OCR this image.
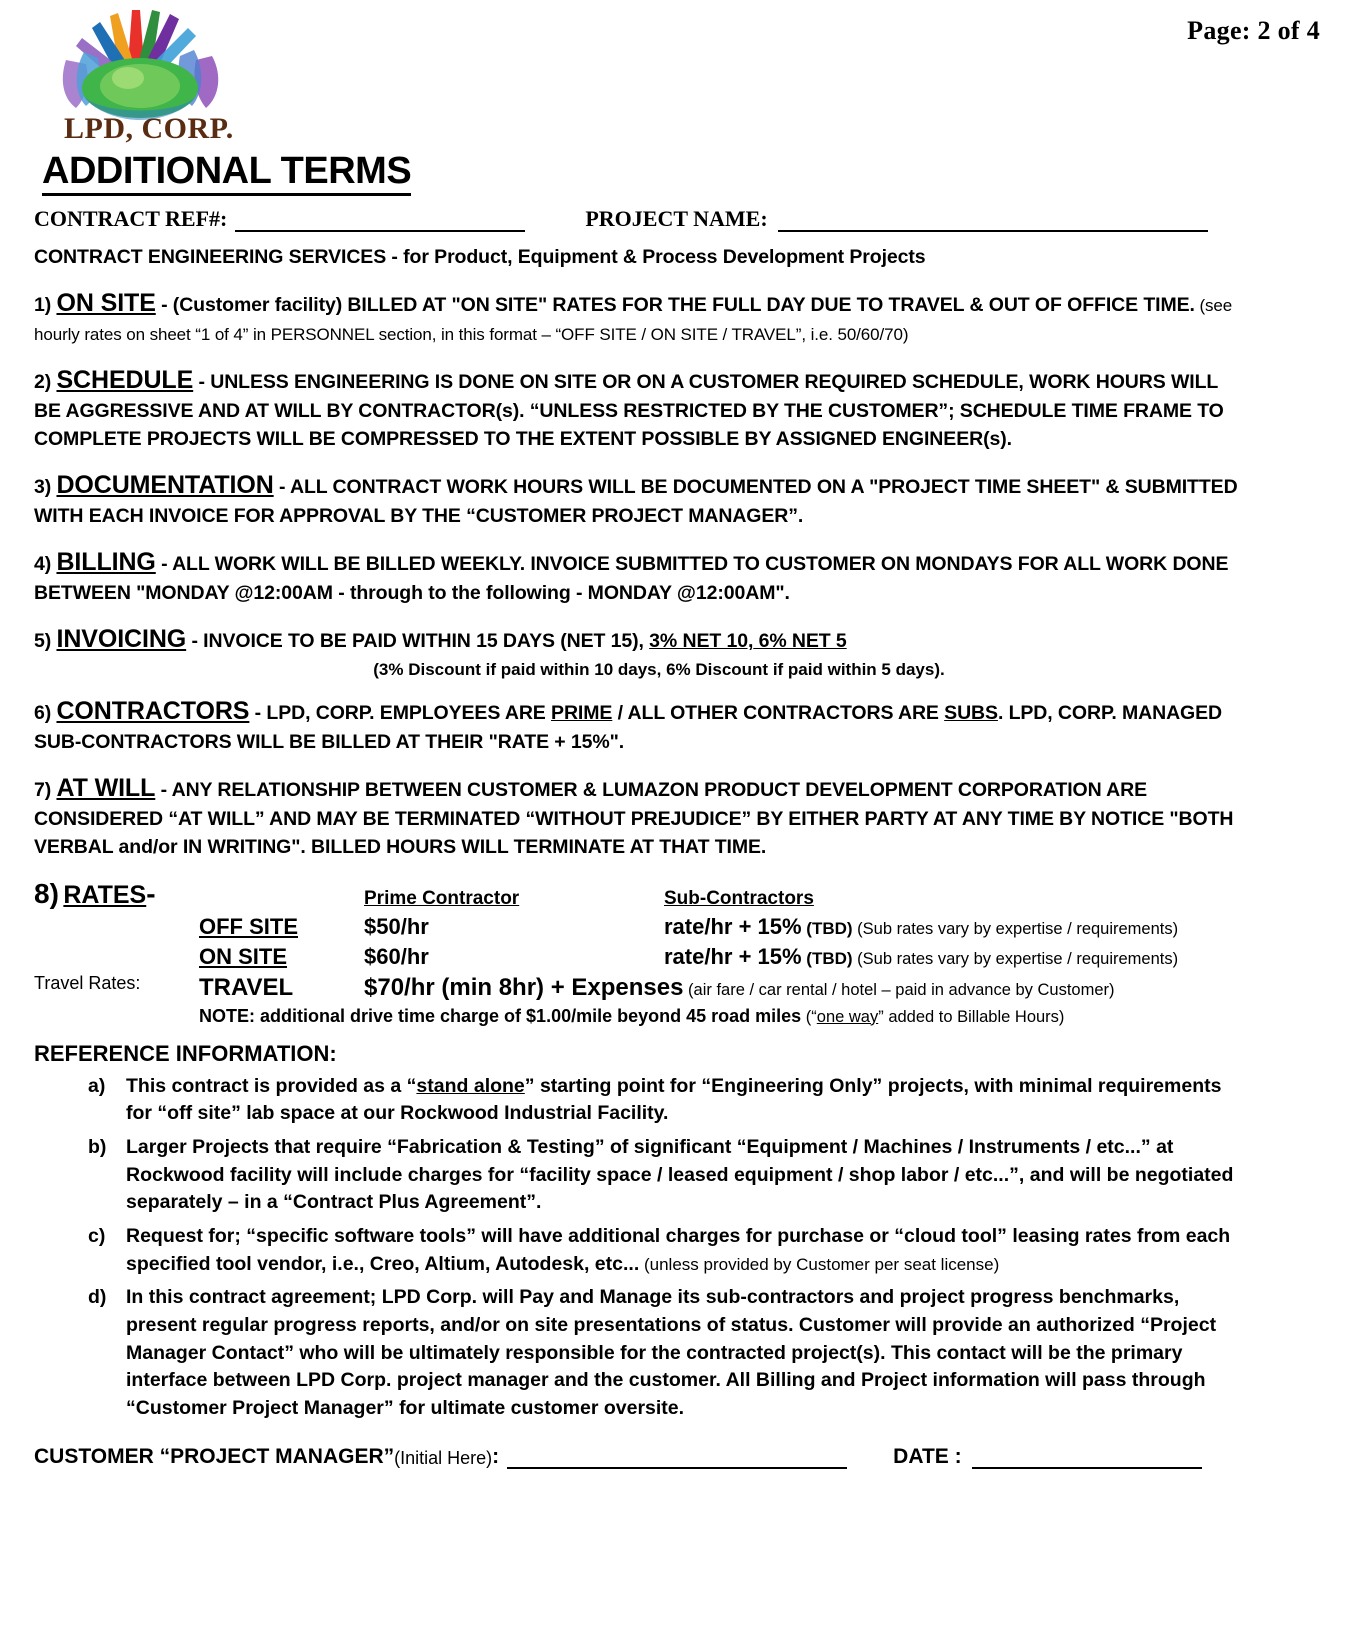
Page: 2 of 4
LPD, CORP.
ADDITIONAL TERMS
CONTRACT REF#:	PROJECT NAME:

CONTRACT ENGINEERING SERVICES - for Product, Equipment & Process Development Projects

1) ON SITE - (Customer facility) BILLED AT "ON SITE" RATES FOR THE FULL DAY DUE TO TRAVEL & OUT OF OFFICE TIME. (see hourly rates on sheet “1 of 4” in PERSONNEL section, in this format – “OFF SITE / ON SITE / TRAVEL”, i.e. 50/60/70)

2) SCHEDULE - UNLESS ENGINEERING IS DONE ON SITE OR ON A CUSTOMER REQUIRED SCHEDULE, WORK HOURS WILL BE AGGRESSIVE AND AT WILL BY CONTRACTOR(s). “UNLESS RESTRICTED BY THE CUSTOMER”; SCHEDULE TIME FRAME TO COMPLETE PROJECTS WILL BE COMPRESSED TO THE EXTENT POSSIBLE BY ASSIGNED ENGINEER(s).

3) DOCUMENTATION - ALL CONTRACT WORK HOURS WILL BE DOCUMENTED ON A "PROJECT TIME SHEET" & SUBMITTED WITH EACH INVOICE FOR APPROVAL BY THE “CUSTOMER PROJECT MANAGER”.

4) BILLING - ALL WORK WILL BE BILLED WEEKLY. INVOICE SUBMITTED TO CUSTOMER ON MONDAYS FOR ALL WORK DONE BETWEEN "MONDAY @12:00AM - through to the following - MONDAY @12:00AM".

5) INVOICING - INVOICE TO BE PAID WITHIN 15 DAYS (NET 15), 3% NET 10, 6% NET 5

(3% Discount if paid within 10 days, 6% Discount if paid within 5 days).

6) CONTRACTORS - LPD, CORP. EMPLOYEES ARE PRIME / ALL OTHER CONTRACTORS ARE SUBS. LPD, CORP. MANAGED SUB-CONTRACTORS WILL BE BILLED AT THEIR "RATE + 15%".

7) AT WILL - ANY RELATIONSHIP BETWEEN CUSTOMER & LUMAZON PRODUCT DEVELOPMENT CORPORATION ARE CONSIDERED “AT WILL” AND MAY BE TERMINATED “WITHOUT PREJUDICE” BY EITHER PARTY AT ANY TIME BY NOTICE "BOTH VERBAL and/or IN WRITING". BILLED HOURS WILL TERMINATE AT THAT TIME.

8)
RATES -
Travel Rates:
	Prime Contractor	Sub-Contractors
OFF SITE	$50/hr	rate/hr + 15% (TBD) (Sub rates vary by expertise / requirements)
ON SITE	$60/hr	rate/hr + 15% (TBD) (Sub rates vary by expertise / requirements)
TRAVEL	$70/hr (min 8hr) + Expenses (air fare / car rental / hotel – paid in advance by Customer)	
NOTE: additional drive time charge of $1.00/mile beyond 45 road miles (“one way” added to Billable Hours)
REFERENCE INFORMATION:
a) This contract is provided as a “stand alone” starting point for “Engineering Only” projects, with minimal requirements for “off site” lab space at our Rockwood Industrial Facility.
b) Larger Projects that require “Fabrication & Testing” of significant “Equipment / Machines / Instruments / etc...” at Rockwood facility will include charges for “facility space / leased equipment / shop labor / etc...”, and will be negotiated separately – in a “Contract Plus Agreement”.
c) Request for; “specific software tools” will have additional charges for purchase or “cloud tool” leasing rates from each specified tool vendor, i.e., Creo, Altium, Autodesk, etc... (unless provided by Customer per seat license)
d) In this contract agreement; LPD Corp. will Pay and Manage its sub-contractors and project progress benchmarks, present regular progress reports, and/or on site presentations of status. Customer will provide an authorized “Project Manager Contact” who will be ultimately responsible for the contracted project(s). This contact will be the primary interface between LPD Corp. project manager and the customer. All Billing and Project information will pass through “Customer Project Manager” for ultimate customer oversite.
CUSTOMER “PROJECT MANAGER” (Initial Here) :	DATE :
